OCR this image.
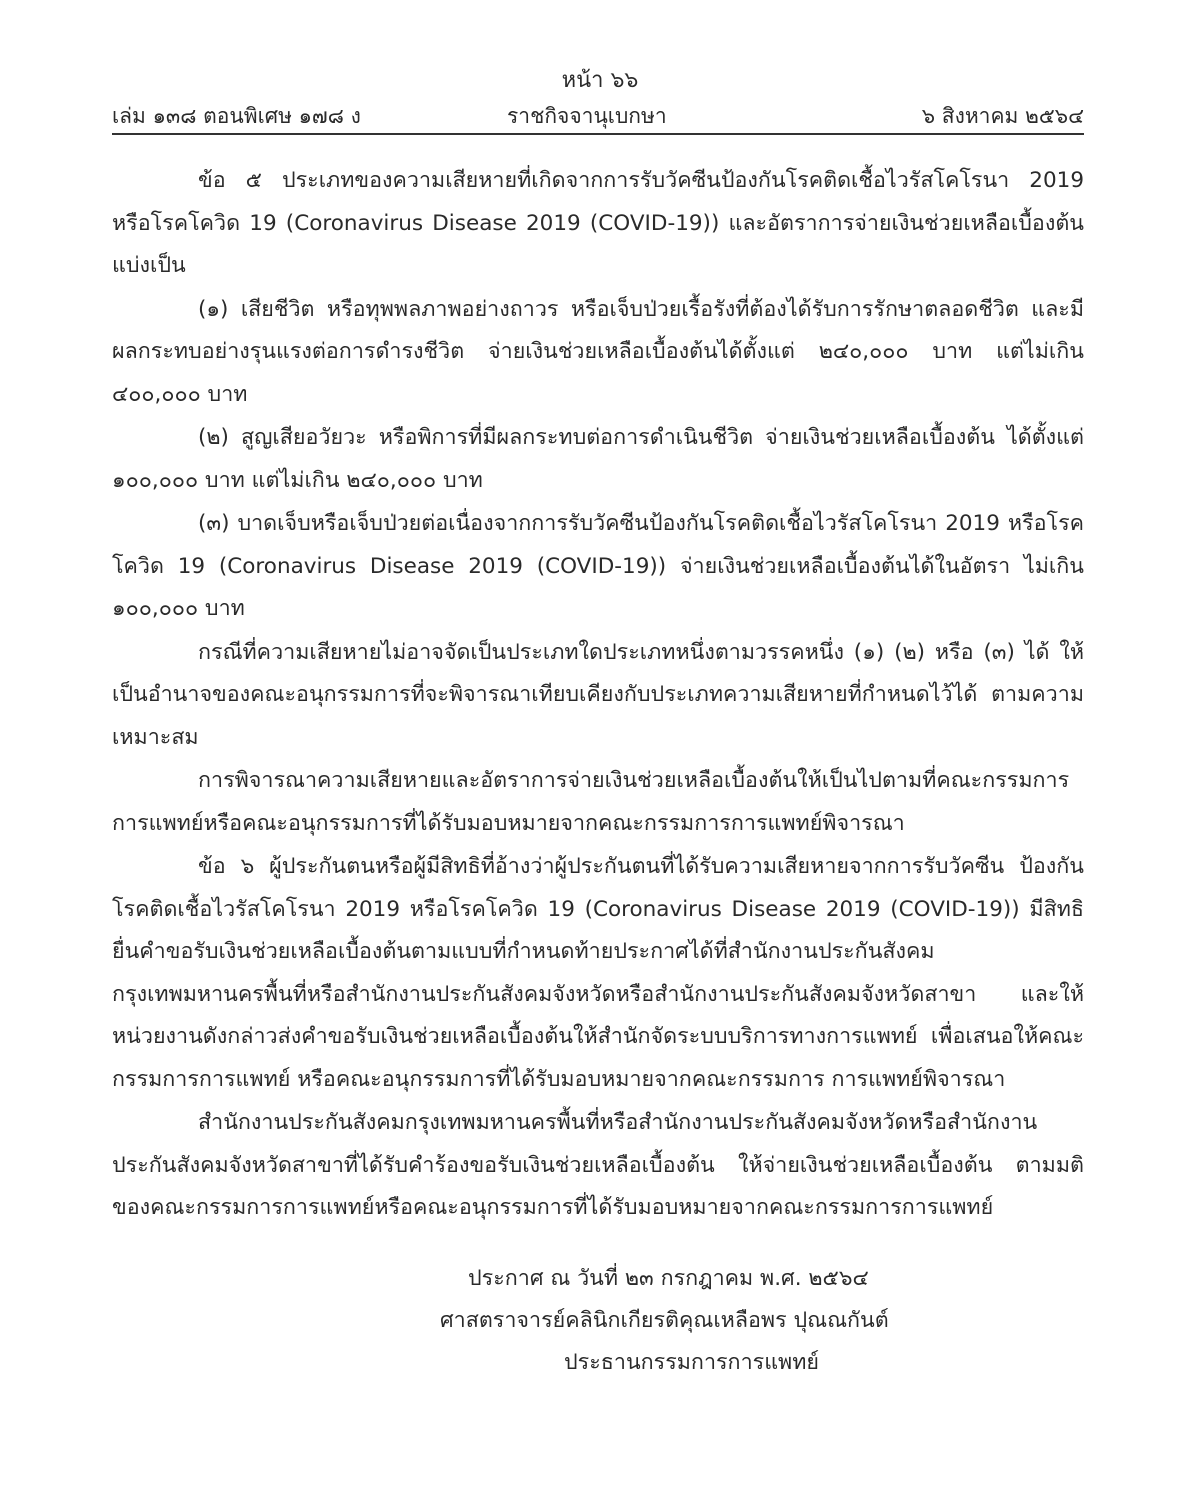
หน้า ๖๖
เล่ม ๑๓๘ ตอนพิเศษ ๑๗๘ ง	ราชกิจจานุเบกษา	๖ สิงหาคม ๒๕๖๔

ข้อ ๕ ประเภทของความเสียหายที่เกิดจากการรับวัคซีนป้องกันโรคติดเชื้อไวรัสโคโรนา 2019 หรือโรคโควิด 19 (Coronavirus Disease 2019 (COVID-19)) และอัตราการจ่ายเงินช่วยเหลือเบื้องต้น แบ่งเป็น

(๑) เสียชีวิต หรือทุพพลภาพอย่างถาวร หรือเจ็บป่วยเรื้อรังที่ต้องได้รับการรักษาตลอดชีวิต และมีผลกระทบอย่างรุนแรงต่อการดำรงชีวิต จ่ายเงินช่วยเหลือเบื้องต้นได้ตั้งแต่ ๒๔๐,๐๐๐ บาท แต่ไม่เกิน ๔๐๐,๐๐๐ บาท

(๒) สูญเสียอวัยวะ หรือพิการที่มีผลกระทบต่อการดำเนินชีวิต จ่ายเงินช่วยเหลือเบื้องต้น ได้ตั้งแต่ ๑๐๐,๐๐๐ บาท แต่ไม่เกิน ๒๔๐,๐๐๐ บาท

(๓) บาดเจ็บหรือเจ็บป่วยต่อเนื่องจากการรับวัคซีนป้องกันโรคติดเชื้อไวรัสโคโรนา 2019 หรือโรคโควิด 19 (Coronavirus Disease 2019 (COVID-19)) จ่ายเงินช่วยเหลือเบื้องต้นได้ในอัตรา ไม่เกิน ๑๐๐,๐๐๐ บาท

กรณีที่ความเสียหายไม่อาจจัดเป็นประเภทใดประเภทหนึ่งตามวรรคหนึ่ง (๑) (๒) หรือ (๓) ได้ ให้เป็นอำนาจของคณะอนุกรรมการที่จะพิจารณาเทียบเคียงกับประเภทความเสียหายที่กำหนดไว้ได้ ตามความเหมาะสม

การพิจารณาความเสียหายและอัตราการจ่ายเงินช่วยเหลือเบื้องต้นให้เป็นไปตามที่คณะกรรมการ การแพทย์หรือคณะอนุกรรมการที่ได้รับมอบหมายจากคณะกรรมการการแพทย์พิจารณา

ข้อ ๖ ผู้ประกันตนหรือผู้มีสิทธิที่อ้างว่าผู้ประกันตนที่ได้รับความเสียหายจากการรับวัคซีน ป้องกันโรคติดเชื้อไวรัสโคโรนา 2019 หรือโรคโควิด 19 (Coronavirus Disease 2019 (COVID-19)) มีสิทธิยื่นคำขอรับเงินช่วยเหลือเบื้องต้นตามแบบที่กำหนดท้ายประกาศได้ที่สำนักงานประกันสังคม กรุงเทพมหานครพื้นที่หรือสำนักงานประกันสังคมจังหวัดหรือสำนักงานประกันสังคมจังหวัดสาขา และให้หน่วยงานดังกล่าวส่งคำขอรับเงินช่วยเหลือเบื้องต้นให้สำนักจัดระบบบริการทางการแพทย์ เพื่อเสนอให้คณะกรรมการการแพทย์ หรือคณะอนุกรรมการที่ได้รับมอบหมายจากคณะกรรมการ การแพทย์พิจารณา

สำนักงานประกันสังคมกรุงเทพมหานครพื้นที่หรือสำนักงานประกันสังคมจังหวัดหรือสำนักงาน ประกันสังคมจังหวัดสาขาที่ได้รับคำร้องขอรับเงินช่วยเหลือเบื้องต้น ให้จ่ายเงินช่วยเหลือเบื้องต้น ตามมติของคณะกรรมการการแพทย์หรือคณะอนุกรรมการที่ได้รับมอบหมายจากคณะกรรมการการแพทย์

ประกาศ ณ วันที่ ๒๓ กรกฎาคม พ.ศ. ๒๕๖๔
ศาสตราจารย์คลินิกเกียรติคุณเหลือพร ปุณณกันต์
ประธานกรรมการการแพทย์
